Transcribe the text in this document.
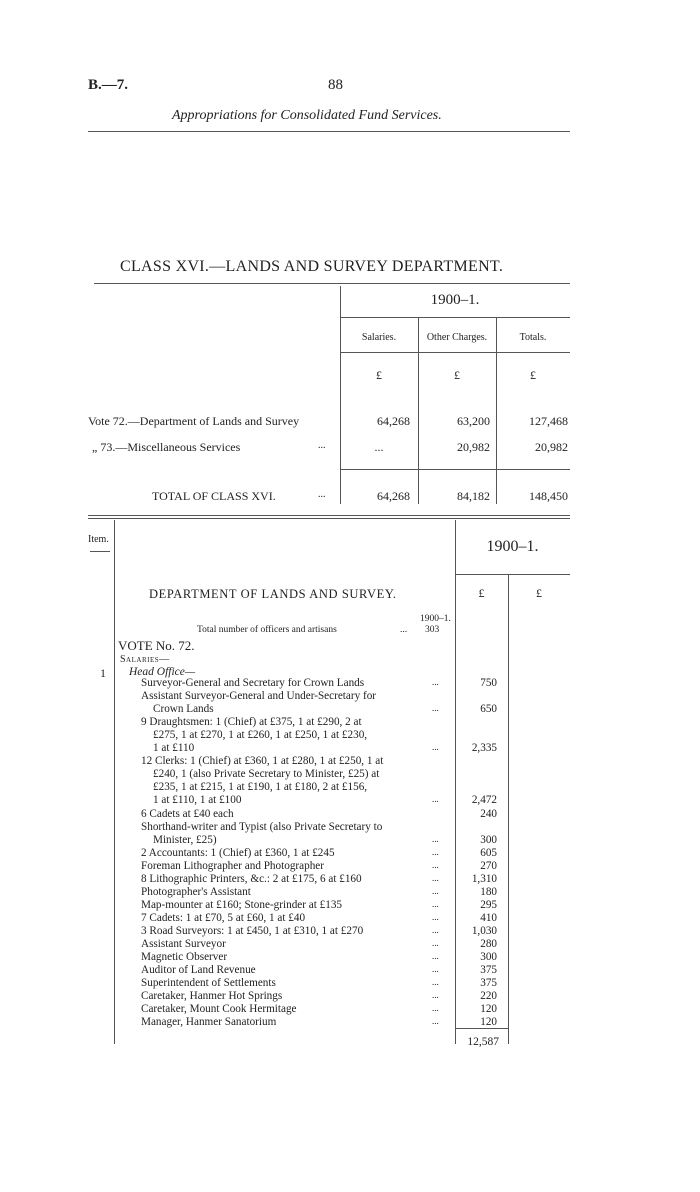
B.—7.	88
Appropriations for Consolidated Fund Services.
CLASS XVI.—LANDS AND SURVEY DEPARTMENT.
1900–1.
Salaries.	Other Charges.	Totals.
£	£	£
Vote 72.—Department of Lands and Survey	64,268	63,200	127,468
„ 73.—Miscellaneous Services	...	...	20,982	20,982
TOTAL OF CLASS XVI.	...	64,268	84,182	148,450
Item.	1900–1.
£	£
DEPARTMENT OF LANDS AND SURVEY.
1900–1.
Total number of officers and artisans	... 303
VOTE No. 72.
Salaries—
1 Head Office—
Surveyor-General and Secretary for Crown Lands	...	750
Assistant Surveyor-General and Under-Secretary for
Crown Lands	...	650
9 Draughtsmen: 1 (Chief) at £375, 1 at £290, 2 at
£275, 1 at £270, 1 at £260, 1 at £250, 1 at £230,
1 at £110	...	2,335
12 Clerks: 1 (Chief) at £360, 1 at £280, 1 at £250, 1 at
£240, 1 (also Private Secretary to Minister, £25) at
£235, 1 at £215, 1 at £190, 1 at £180, 2 at £156,
1 at £110, 1 at £100	...	2,472
6 Cadets at £40 each	240
Shorthand-writer and Typist (also Private Secretary to
Minister, £25)	...	300
2 Accountants: 1 (Chief) at £360, 1 at £245	...	605
Foreman Lithographer and Photographer	...	270
8 Lithographic Printers, &c.: 2 at £175, 6 at £160	...	1,310
Photographer's Assistant	...	180
Map-mounter at £160; Stone-grinder at £135	...	295
7 Cadets: 1 at £70, 5 at £60, 1 at £40	...	410
3 Road Surveyors: 1 at £450, 1 at £310, 1 at £270	...	1,030
Assistant Surveyor	...	280
Magnetic Observer	...	300
Auditor of Land Revenue	...	375
Superintendent of Settlements	...	375
Caretaker, Hanmer Hot Springs	...	220
Caretaker, Mount Cook Hermitage	...	120
Manager, Hanmer Sanatorium	...	120
12,587
